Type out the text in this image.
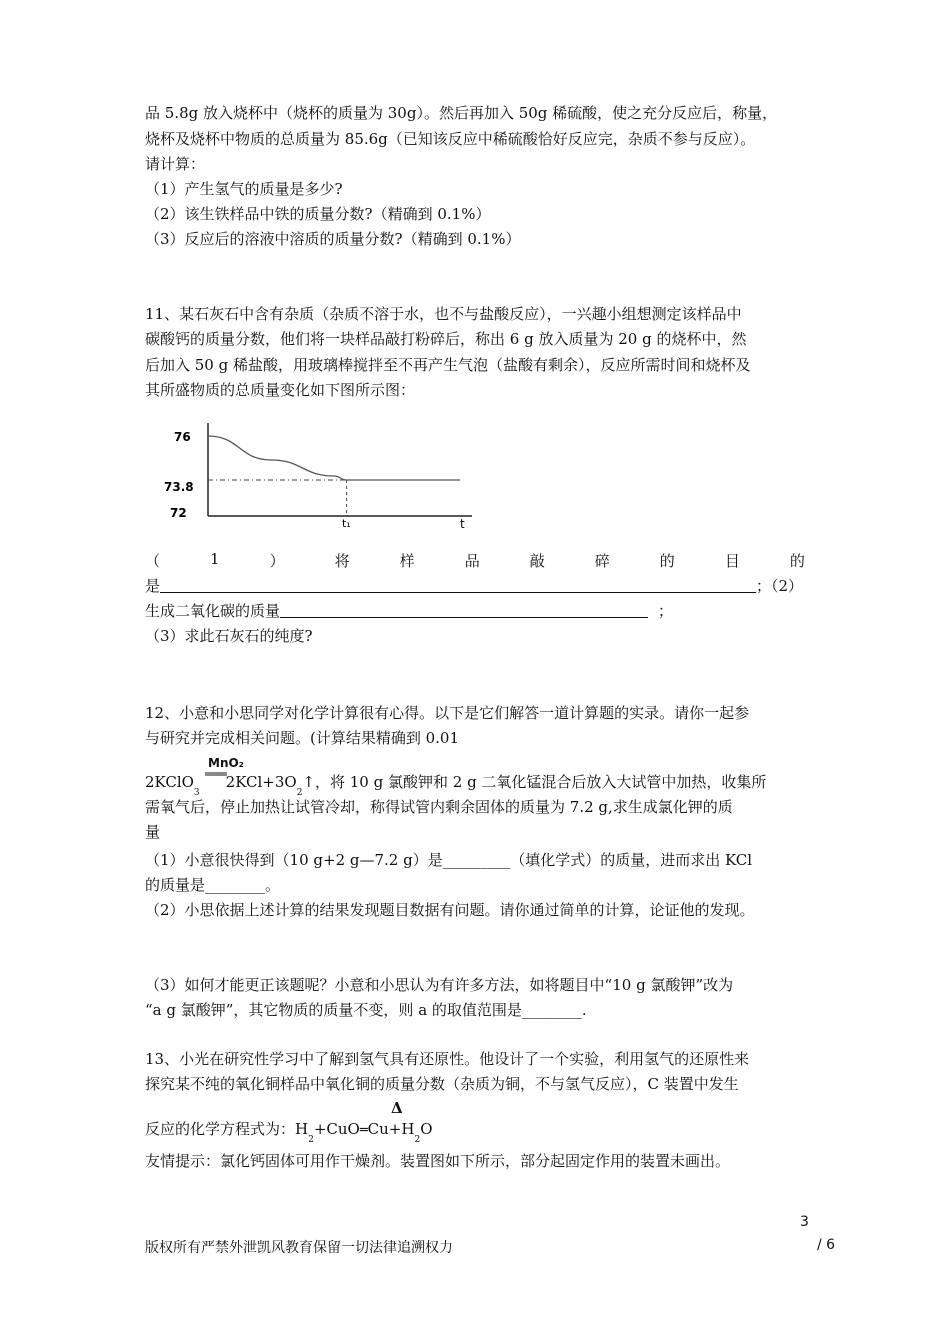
品 5.8g 放入烧杯中（烧杯的质量为 30g）。然后再加入 50g 稀硫酸，使之充分反应后，称量，
烧杯及烧杯中物质的总质量为 85.6g（已知该反应中稀硫酸恰好反应完，杂质不参与反应）。
请计算：
（1）产生氢气的质量是多少?
（2）该生铁样品中铁的质量分数?（精确到 0.1%）
（3）反应后的溶液中溶质的质量分数?（精确到 0.1%）
11、某石灰石中含有杂质（杂质不溶于水，也不与盐酸反应），一兴趣小组想测定该样品中
碳酸钙的质量分数，他们将一块样品敲打粉碎后，称出 6 g 放入质量为 20 g 的烧杯中，然
后加入 50 g 稀盐酸，用玻璃棒搅拌至不再产生气泡（盐酸有剩余），反应所需时间和烧杯及
其所盛物质的总质量变化如下图所示图：
76
73.8
72
t₁	t
（	1	）	将	样	品	敲	碎	的	目	的
是	；（2）
生成二氧化碳的质量	；
（3）求此石灰石的纯度?
12、小意和小思同学对化学计算很有心得。以下是它们解答一道计算题的实录。请你一起参
与研究并完成相关问题。(计算结果精确到 0.01
MnO₂
═══
$2KClO_32KCl+3O_2↑$，将 10 g 氯酸钾和 2 g 二氧化锰混合后放入大试管中加热，收集所
需氧气后，停止加热让试管冷却，称得试管内剩余固体的质量为 7.2 g,求生成氯化钾的质
量
（1）小意很快得到（10 g+2 g—7.2 g）是_________（填化学式）的质量，进而求出 KCl
的质量是________。
（2）小思依据上述计算的结果发现题目数据有问题。请你通过简单的计算，论证他的发现。
（3）如何才能更正该题呢？小意和小思认为有许多方法，如将题目中“10 g 氯酸钾”改为
“a g 氯酸钾”，其它物质的质量不变，则 a 的取值范围是________.
13、小光在研究性学习中了解到氢气具有还原性。他设计了一个实验，利用氢气的还原性来
探究某不纯的氧化铜样品中氧化铜的质量分数（杂质为铜，不与氢气反应），C 装置中发生
Δ
反应的化学方程式为：$H_2+CuO═Cu+H_2O$
友情提示：氯化钙固体可用作干燥剂。装置图如下所示，部分起固定作用的装置未画出。
3
版权所有严禁外泄凯风教育保留一切法律追溯权力	/ 6
